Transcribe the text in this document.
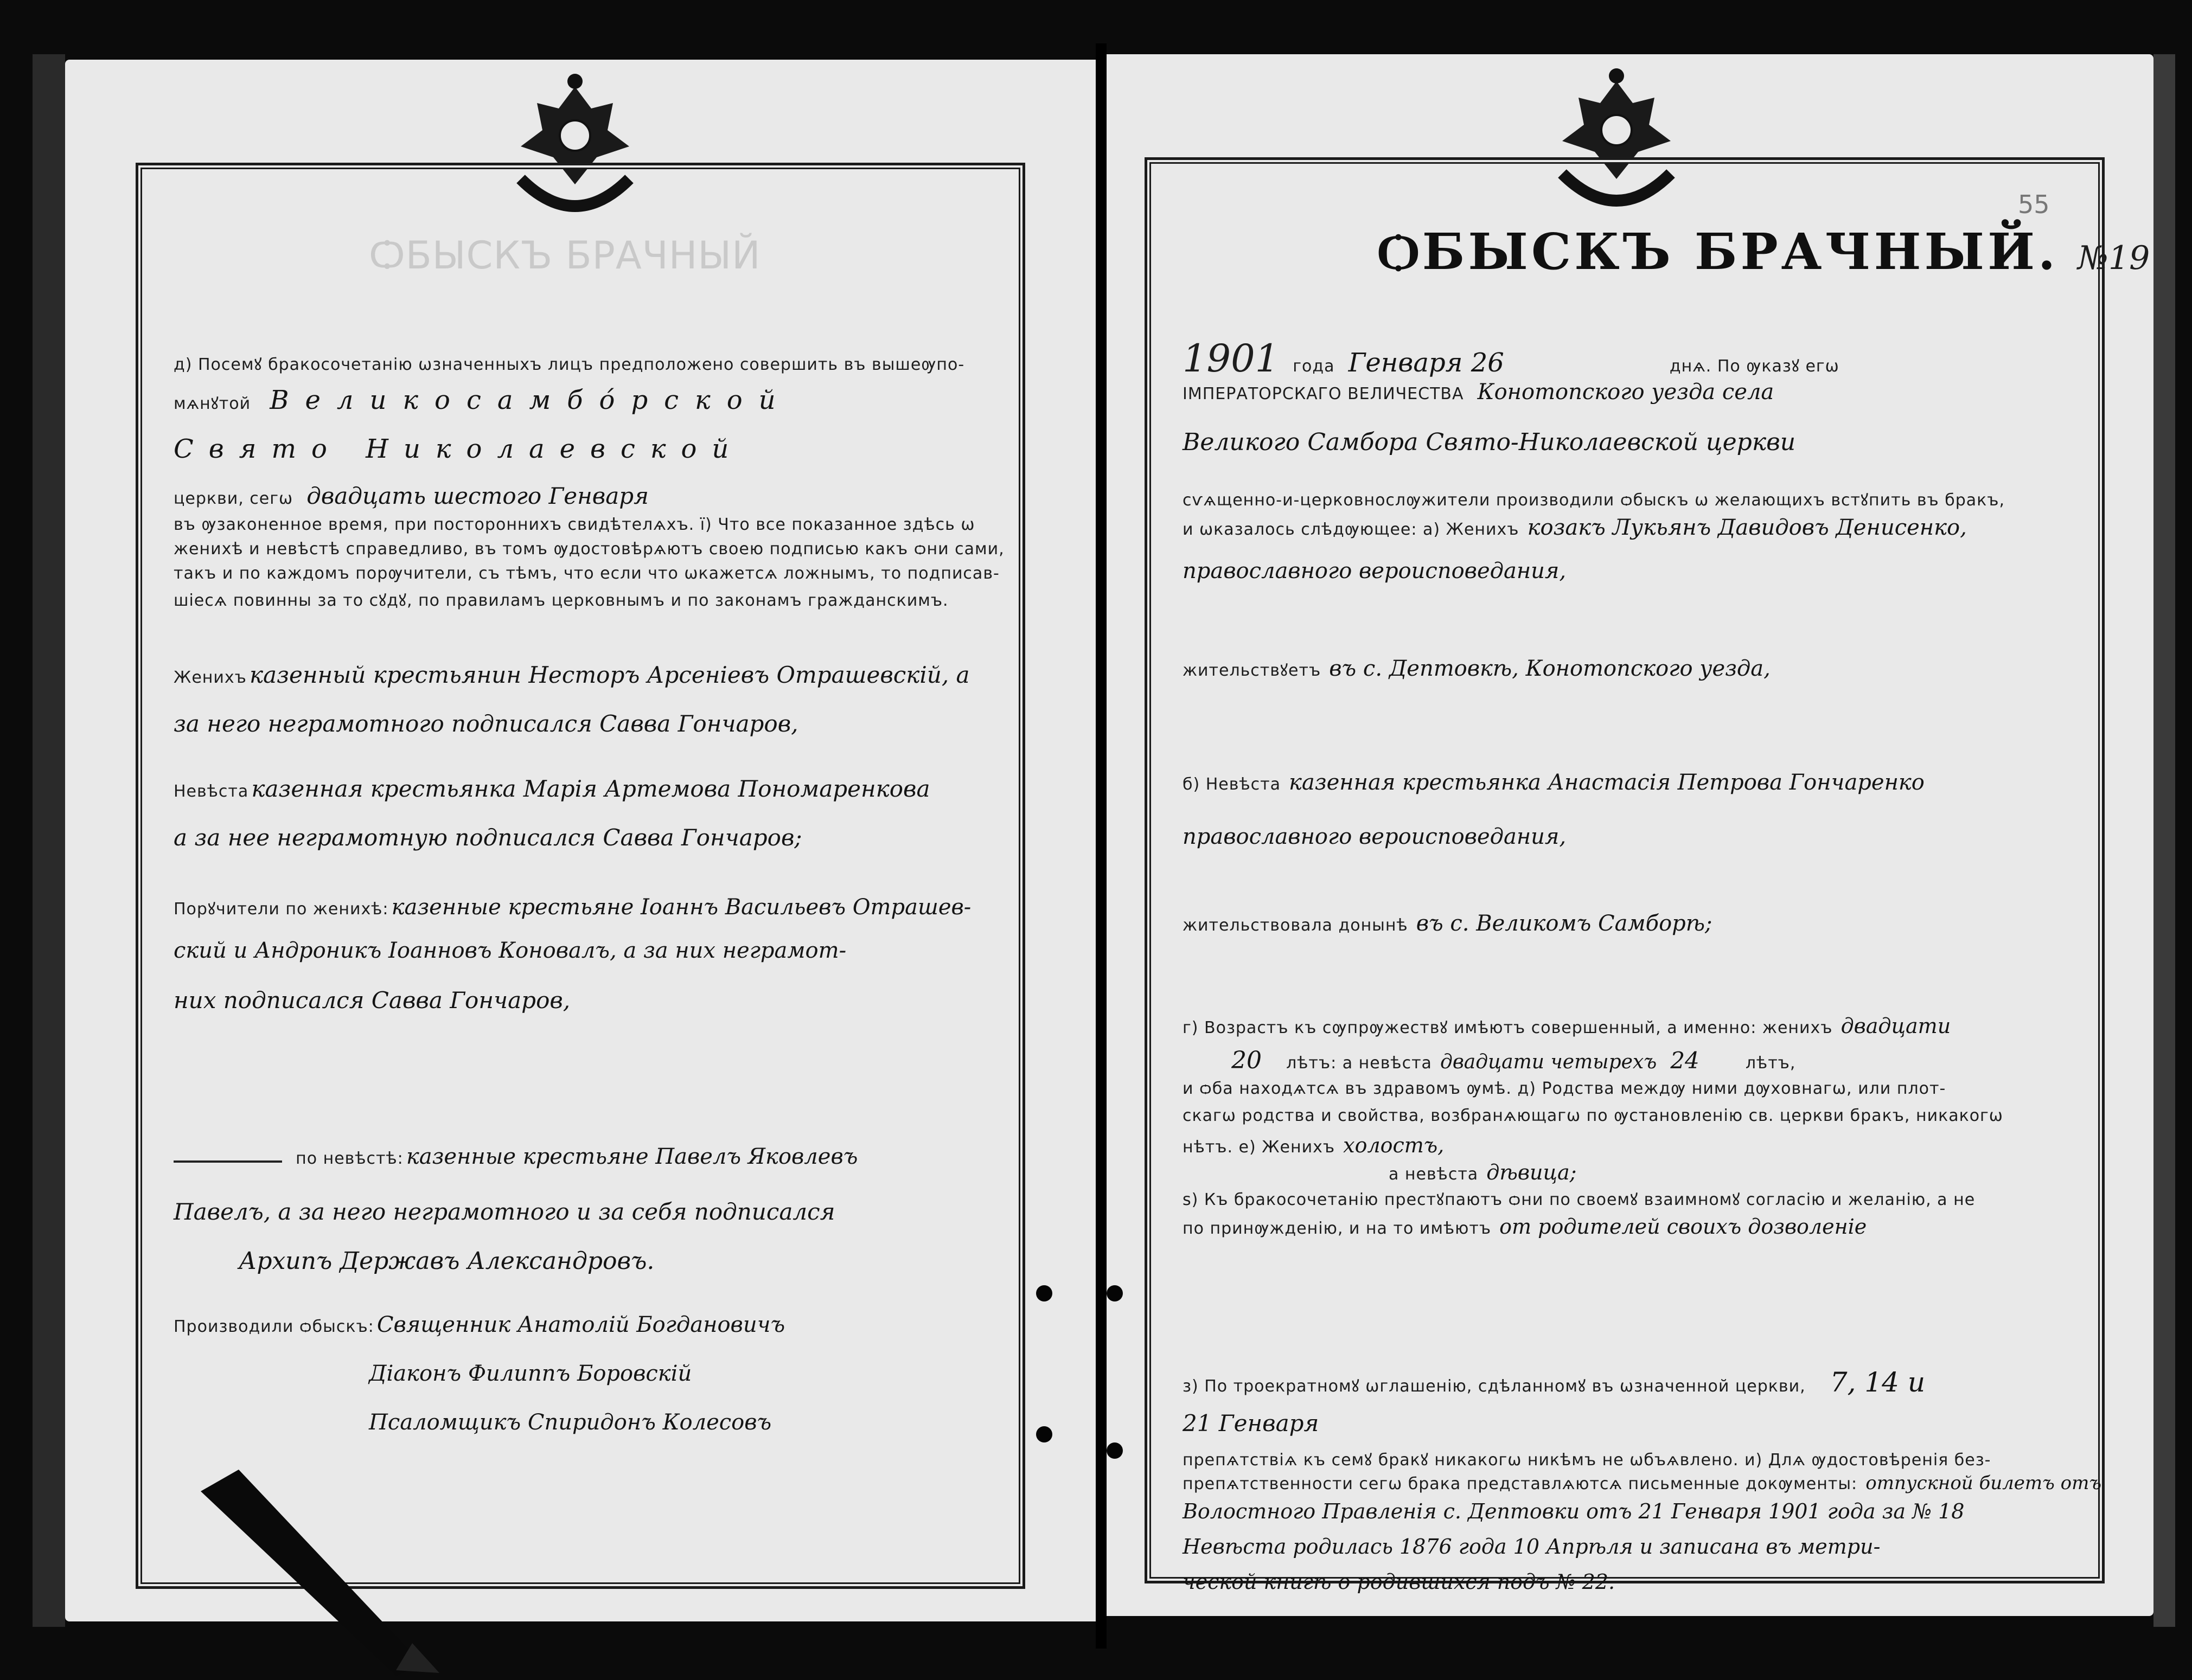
ѺБЫСКЪ БРАЧНЫЙ
д) Посемꙋ бракосочетанію ѡзначенныхъ лицъ предположено совершить въ вышеѹпо-
мѧнꙋтой Великосамбόрской
Свято Николаевской
церкви, сегѡ двадцать шестого Генваря
въ ѹзаконенное время, при постороннихъ свидѣтелѧхъ. ї) Что все показанное здѣсь ѡ
женихѣ и невѣстѣ справедливо, въ томъ ѹдостовѣрѧютъ своею подписью какъ ѻни сами,
такъ и по каждомъ порѹчители, съ тѣмъ, что если что ѡкажетсѧ ложнымъ, то подписав-
шіесѧ повинны за то сꙋдꙋ, по правиламъ церковнымъ и по законамъ гражданскимъ.
Женихъ казенный крестьянин Несторъ Арсеніевъ Отрашевскій, а
за него неграмотного подписался Савва Гончаров,
Невѣста казенная крестьянка Марія Артемова Пономаренкова
а за нее неграмотную подписался Савва Гончаров;
Порꙋчители по женихѣ: казенные крестьяне Іоаннъ Васильевъ Отрашев-
ский и Андроникъ Іоанновъ Коновалъ, а за них неграмот-
них подписался Савва Гончаров,
по невѣстѣ: казенные крестьяне Павелъ Яковлевъ
Павелъ, а за него неграмотного и за себя подписался
Архипъ Державъ Александровъ.
Производили ѻбыскъ: Священник Анатолій Богдановичъ
Діаконъ Филиппъ Боровскій
Псаломщикъ Спиридонъ Колесовъ
55
ѺБЫСКЪ БРАЧНЫЙ. №19
1901 года Генваря 26	днѧ. По ѹказꙋ егѡ
ІМПЕРАТОРСКАГО ВЕЛИЧЕСТВА Конотопского уезда села
Великого Самбора Свято-Николаевской церкви
сѵѧщенно-и-церковнослѹжители производили ѻбыскъ ѡ желающихъ встꙋпить въ бракъ,
и ѡказалось слѣдѹющее: а) Женихъ козакъ Лукьянъ Давидовъ Денисенко,
православного вероисповедания,
жительствꙋетъ въ с. Дептовкѣ, Конотопского уезда,
б) Невѣста казенная крестьянка Анастасія Петрова Гончаренко
православного вероисповедания,
жительствовала донынѣ въ с. Великомъ Самборѣ;
г) Возрастъ къ сѹпрѹжествꙋ имѣютъ совершенный, а именно: женихъ двадцати
20 лѣтъ: а невѣста двадцати четырехъ 24	лѣтъ,
и ѻба находѧтсѧ въ здравомъ ѹмѣ. д) Родства междѹ ними дѹховнагѡ, или плот-
скагѡ родства и свойства, возбранѧющагѡ по ѹстановленію св. церкви бракъ, никакогѡ
нѣтъ. е) Женихъ холостъ,
а невѣста дѣвица;
ѕ) Къ бракосочетанію престꙋпаютъ ѻни по своемꙋ взаимномꙋ согласію и желанію, а не
по принѹжденію, и на то имѣютъ от родителей своихъ дозволеніе
з) По троекратномꙋ ѡглашенію, сдѣланномꙋ въ ѡзначенной церкви, 7, 14 и
21 Генваря
препѧтствіѧ къ семꙋ бракꙋ никакогѡ никѣмъ не ѡбъѧвлено. и) Длѧ ѹдостовѣренія без-
препѧтственности сегѡ брака представлѧютсѧ письменные докѹменты: отпускной билетъ отъ
Волостного Правленія с. Дептовки отъ 21 Генваря 1901 года за № 18
Невѣста родилась 1876 года 10 Апрѣля и записана въ метри-
ческой книгѣ о родившихся подъ № 22.
